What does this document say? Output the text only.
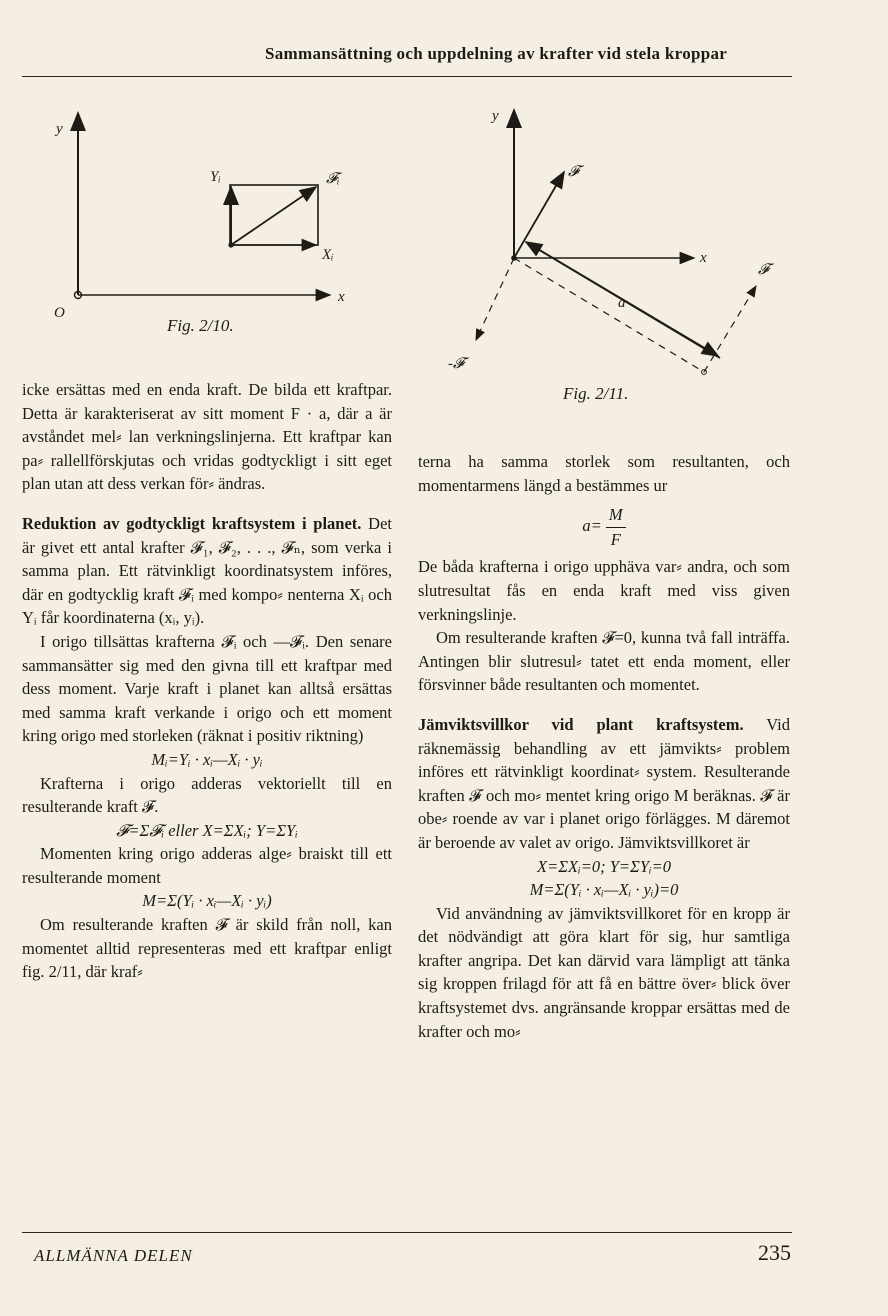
Sammansättning och uppdelning av krafter vid stela kroppar
y
x
O
Yᵢ	𝓕ᵢ
Xᵢ
Fig. 2/10.
y
x
𝓕
a
𝓕
-𝓕
Fig. 2/11.

icke ersättas med en enda kraft. De bilda ett kraftpar. Detta är karakteriserat av sitt moment F · a, där a är avståndet mel⸗ lan verkningslinjerna. Ett kraftpar kan pa⸗ rallellförskjutas och vridas godtyckligt i sitt eget plan utan att dess verkan för⸗ ändras.

Reduktion av godtyckligt kraftsystem i planet. Det är givet ett antal krafter 𝓕₁, 𝓕₂, . . ., 𝓕ₙ, som verka i samma plan. Ett rätvinkligt koordinatsystem införes, där en godtycklig kraft 𝓕ᵢ med kompo⸗ nenterna Xᵢ och Yᵢ får koordinaterna (xᵢ, yᵢ).

I origo tillsättas krafterna 𝓕ᵢ och —𝓕ᵢ. Den senare sammansätter sig med den givna till ett kraftpar med dess moment. Varje kraft i planet kan alltså ersättas med samma kraft verkande i origo och ett moment kring origo med storleken (räknat i positiv riktning)

Mᵢ=Yᵢ · xᵢ—Xᵢ · yᵢ

Krafterna i origo adderas vektoriellt till en resulterande kraft 𝓕.

𝓕=Σ𝓕ᵢ eller X=ΣXᵢ; Y=ΣYᵢ

Momenten kring origo adderas alge⸗ braiskt till ett resulterande moment

M=Σ(Yᵢ · xᵢ—Xᵢ · yᵢ)

Om resulterande kraften 𝓕 är skild från noll, kan momentet alltid representeras med ett kraftpar enligt fig. 2/11, där kraf⸗

terna ha samma storlek som resultanten, och momentarmens längd a bestämmes ur

$a= \frac{M}{F}$

De båda krafterna i origo upphäva var⸗ andra, och som slutresultat fås en enda kraft med viss given verkningslinje.

Om resulterande kraften 𝓕=0, kunna två fall inträffa. Antingen blir slutresul⸗ tatet ett enda moment, eller försvinner både resultanten och momentet.

Jämviktsvillkor vid plant kraftsystem. Vid räknemässig behandling av ett jämvikts⸗ problem införes ett rätvinkligt koordinat⸗ system. Resulterande kraften 𝓕 och mo⸗ mentet kring origo M beräknas. 𝓕 är obe⸗ roende av var i planet origo förlägges. M däremot är beroende av valet av origo. Jämviktsvillkoret är

X=ΣXᵢ=0; Y=ΣYᵢ=0

M=Σ(Yᵢ · xᵢ—Xᵢ · yᵢ)=0

Vid användning av jämviktsvillkoret för en kropp är det nödvändigt att göra klart för sig, hur samtliga krafter angripa. Det kan därvid vara lämpligt att tänka sig kroppen frilagd för att få en bättre över⸗ blick över kraftsystemet dvs. angränsande kroppar ersättas med de krafter och mo⸗

ALLMÄNNA DELEN	235
